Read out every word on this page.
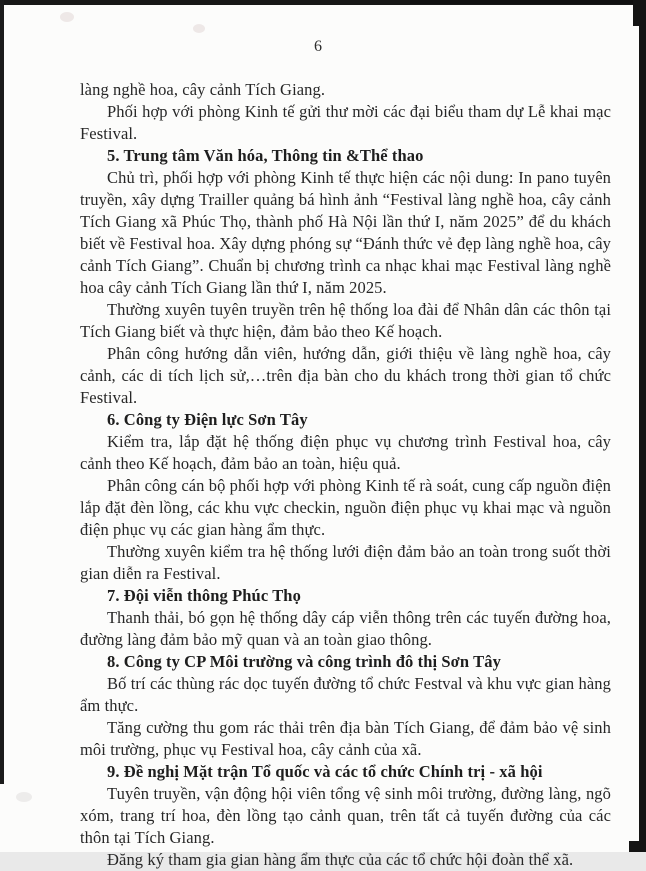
6
làng nghề hoa, cây cảnh Tích Giang.
Phối hợp với phòng Kinh tế gửi thư mời các đại biểu tham dự Lễ khai mạc Festival.
5. Trung tâm Văn hóa, Thông tin &Thể thao
Chủ trì, phối hợp với phòng Kinh tế thực hiện các nội dung: In pano tuyên truyền, xây dựng Trailler quảng bá hình ảnh “Festival làng nghề hoa, cây cảnh Tích Giang xã Phúc Thọ, thành phố Hà Nội lần thứ I, năm 2025” để du khách biết về Festival hoa. Xây dựng phóng sự “Đánh thức vẻ đẹp làng nghề hoa, cây cảnh Tích Giang”. Chuẩn bị chương trình ca nhạc khai mạc Festival làng nghề hoa cây cảnh Tích Giang lần thứ I, năm 2025.
Thường xuyên tuyên truyền trên hệ thống loa đài để Nhân dân các thôn tại Tích Giang biết và thực hiện, đảm bảo theo Kế hoạch.
Phân công hướng dẫn viên, hướng dẫn, giới thiệu về làng nghề hoa, cây cảnh, các di tích lịch sử,…trên địa bàn cho du khách trong thời gian tổ chức Festival.
6. Công ty Điện lực Sơn Tây
Kiểm tra, lắp đặt hệ thống điện phục vụ chương trình Festival hoa, cây cảnh theo Kế hoạch, đảm bảo an toàn, hiệu quả.
Phân công cán bộ phối hợp với phòng Kinh tế rà soát, cung cấp nguồn điện lắp đặt đèn lồng, các khu vực checkin, nguồn điện phục vụ khai mạc và nguồn điện phục vụ các gian hàng ẩm thực.
Thường xuyên kiểm tra hệ thống lưới điện đảm bảo an toàn trong suốt thời gian diễn ra Festival.
7. Đội viễn thông Phúc Thọ
Thanh thải, bó gọn hệ thống dây cáp viễn thông trên các tuyến đường hoa, đường làng đảm bảo mỹ quan và an toàn giao thông.
8. Công ty CP Môi trường và công trình đô thị Sơn Tây
Bố trí các thùng rác dọc tuyến đường tổ chức Festval và khu vực gian hàng ẩm thực.
Tăng cường thu gom rác thải trên địa bàn Tích Giang, để đảm bảo vệ sinh môi trường, phục vụ Festival hoa, cây cảnh của xã.
9. Đề nghị Mặt trận Tổ quốc và các tổ chức Chính trị - xã hội
Tuyên truyền, vận động hội viên tổng vệ sinh môi trường, đường làng, ngõ xóm, trang trí hoa, đèn lồng tạo cảnh quan, trên tất cả tuyến đường của các thôn tại Tích Giang.
Đăng ký tham gia gian hàng ẩm thực của các tổ chức hội đoàn thể xã.
